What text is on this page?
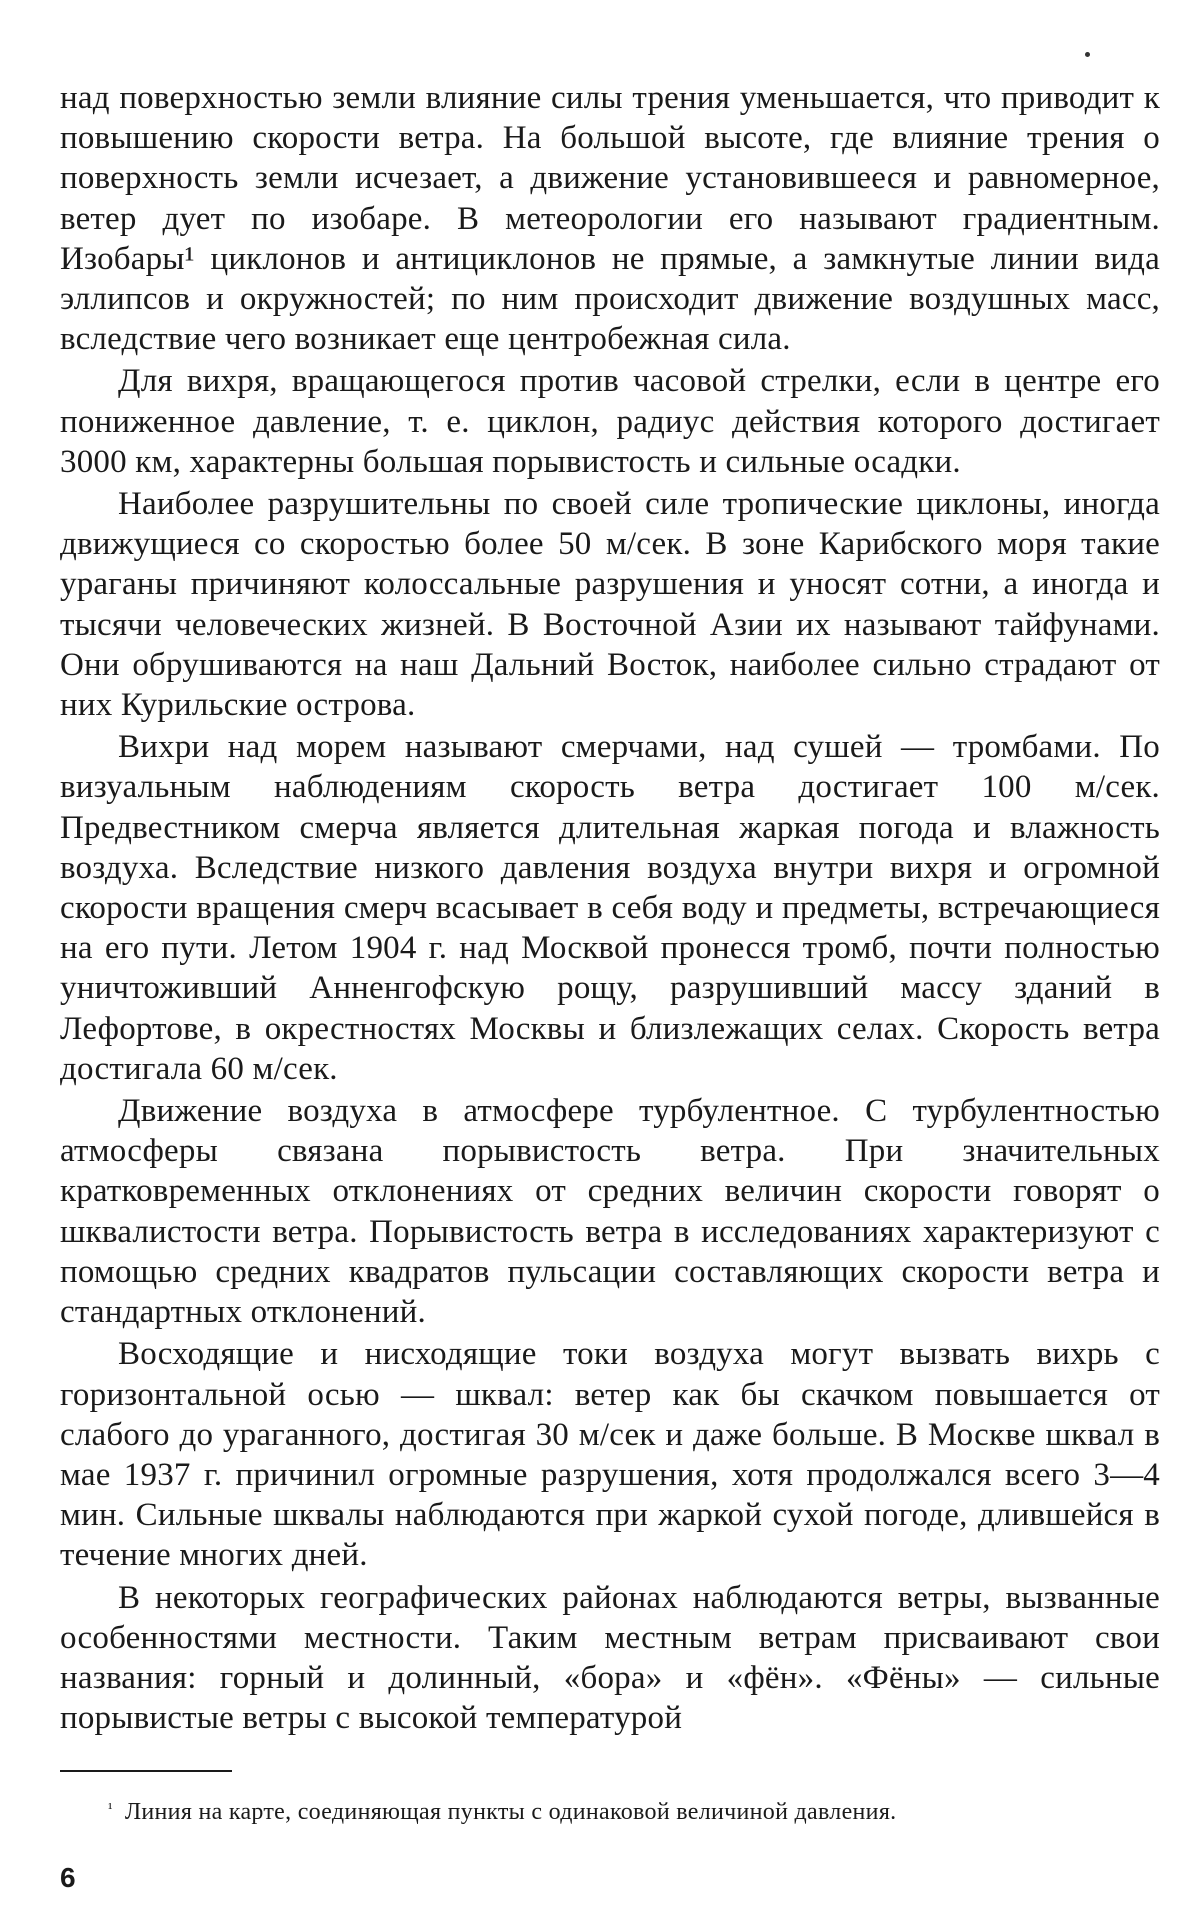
над поверхностью земли влияние силы трения уменьшается, что приводит к повышению скорости ветра. На большой высоте, где влияние трения о поверхность земли исчезает, а движение установившееся и равномерное, ветер дует по изобаре. В метеорологии его называют градиентным. Изобары¹ циклонов и антициклонов не прямые, а замкнутые линии вида эллипсов и окружностей; по ним происходит движение воздушных масс, вследствие чего возникает еще центробежная сила.

Для вихря, вращающегося против часовой стрелки, если в центре его пониженное давление, т. е. циклон, радиус действия которого достигает 3000 км, характерны большая порывистость и сильные осадки.

Наиболее разрушительны по своей силе тропические циклоны, иногда движущиеся со скоростью более 50 м/сек. В зоне Карибского моря такие ураганы причиняют колоссальные разрушения и уносят сотни, а иногда и тысячи человеческих жизней. В Восточной Азии их называют тайфунами. Они обрушиваются на наш Дальний Восток, наиболее сильно страдают от них Курильские острова.

Вихри над морем называют смерчами, над сушей — тромбами. По визуальным наблюдениям скорость ветра достигает 100 м/сек. Предвестником смерча является длительная жаркая погода и влажность воздуха. Вследствие низкого давления воздуха внутри вихря и огромной скорости вращения смерч всасывает в себя воду и предметы, встречающиеся на его пути. Летом 1904 г. над Москвой пронесся тромб, почти полностью уничтоживший Анненгофскую рощу, разрушивший массу зданий в Лефортове, в окрестностях Москвы и близлежащих селах. Скорость ветра достигала 60 м/сек.

Движение воздуха в атмосфере турбулентное. С турбулентностью атмосферы связана порывистость ветра. При значительных кратковременных отклонениях от средних величин скорости говорят о шквалистости ветра. Порывистость ветра в исследованиях характеризуют с помощью средних квадратов пульсации составляющих скорости ветра и стандартных отклонений.

Восходящие и нисходящие токи воздуха могут вызвать вихрь с горизонтальной осью — шквал: ветер как бы скачком повышается от слабого до ураганного, достигая 30 м/сек и даже больше. В Москве шквал в мае 1937 г. причинил огромные разрушения, хотя продолжался всего 3—4 мин. Сильные шквалы наблюдаются при жаркой сухой погоде, длившейся в течение многих дней.

В некоторых географических районах наблюдаются ветры, вызванные особенностями местности. Таким местным ветрам присваивают свои названия: горный и долинный, «бора» и «фён». «Фёны» — сильные порывистые ветры с высокой температурой

$^{^1}$ Линия на карте, соединяющая пункты с одинаковой величиной давления.
6
